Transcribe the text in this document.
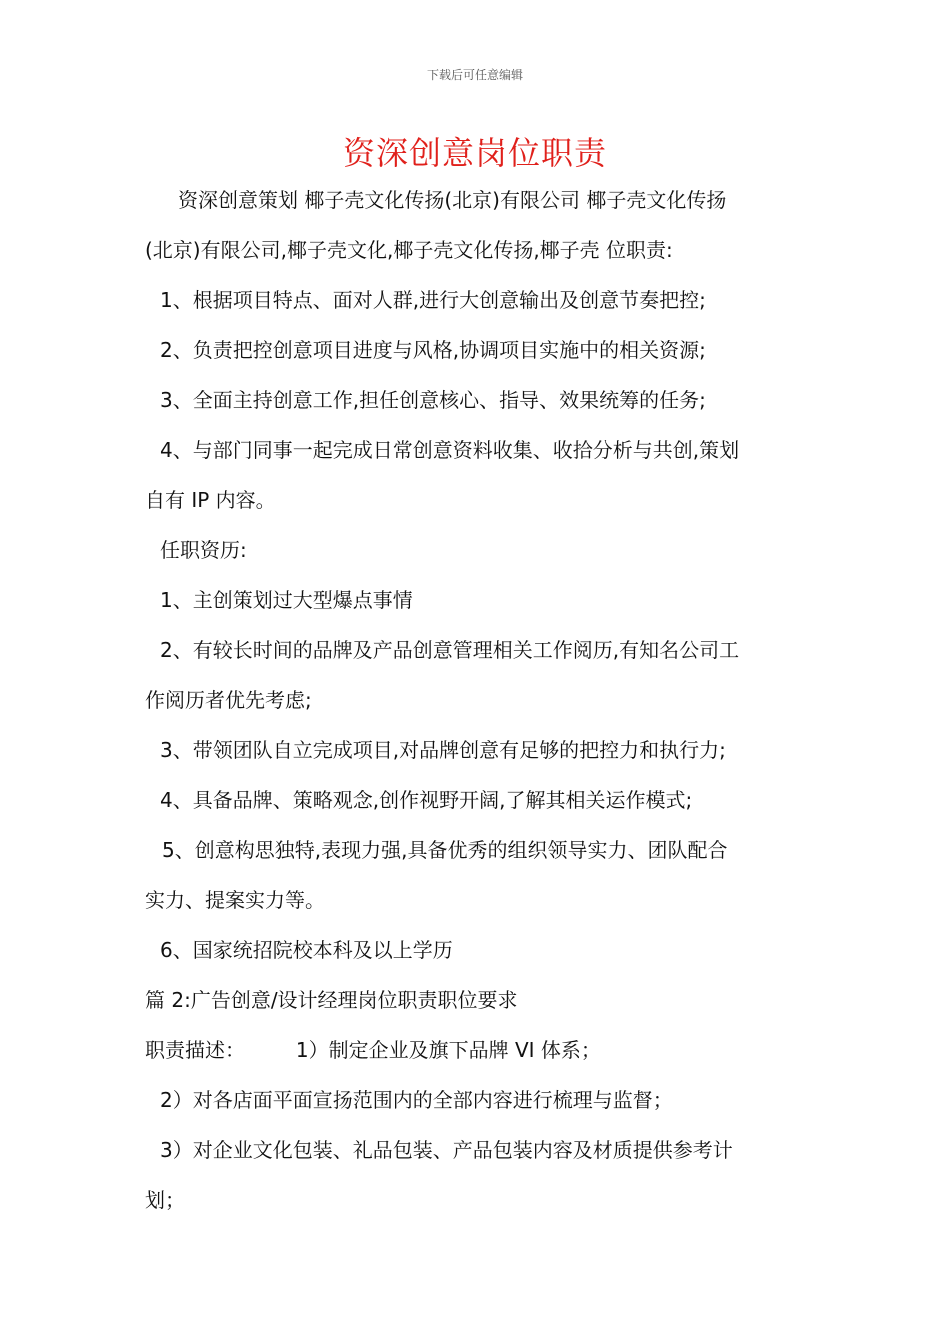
下载后可任意编辑
资深创意岗位职责
资深创意策划 椰子壳文化传扬(北京)有限公司 椰子壳文化传扬
(北京)有限公司,椰子壳文化,椰子壳文化传扬,椰子壳 位职责:
1、根据项目特点、面对人群,进行大创意输出及创意节奏把控;
2、负责把控创意项目进度与风格,协调项目实施中的相关资源;
3、全面主持创意工作,担任创意核心、指导、效果统筹的任务;
4、与部门同事一起完成日常创意资料收集、收拾分析与共创,策划
自有 IP 内容。
任职资历:
1、主创策划过大型爆点事情
2、有较长时间的品牌及产品创意管理相关工作阅历,有知名公司工
作阅历者优先考虑;
3、带领团队自立完成项目,对品牌创意有足够的把控力和执行力;
4、具备品牌、策略观念,创作视野开阔,了解其相关运作模式;
5、创意构思独特,表现力强,具备优秀的组织领导实力、团队配合
实力、提案实力等。
6、国家统招院校本科及以上学历
篇 2:广告创意/设计经理岗位职责职位要求
职责描述：        1）制定企业及旗下品牌 VI 体系；
2）对各店面平面宣扬范围内的全部内容进行梳理与监督；
3）对企业文化包装、礼品包装、产品包装内容及材质提供参考计
划；
